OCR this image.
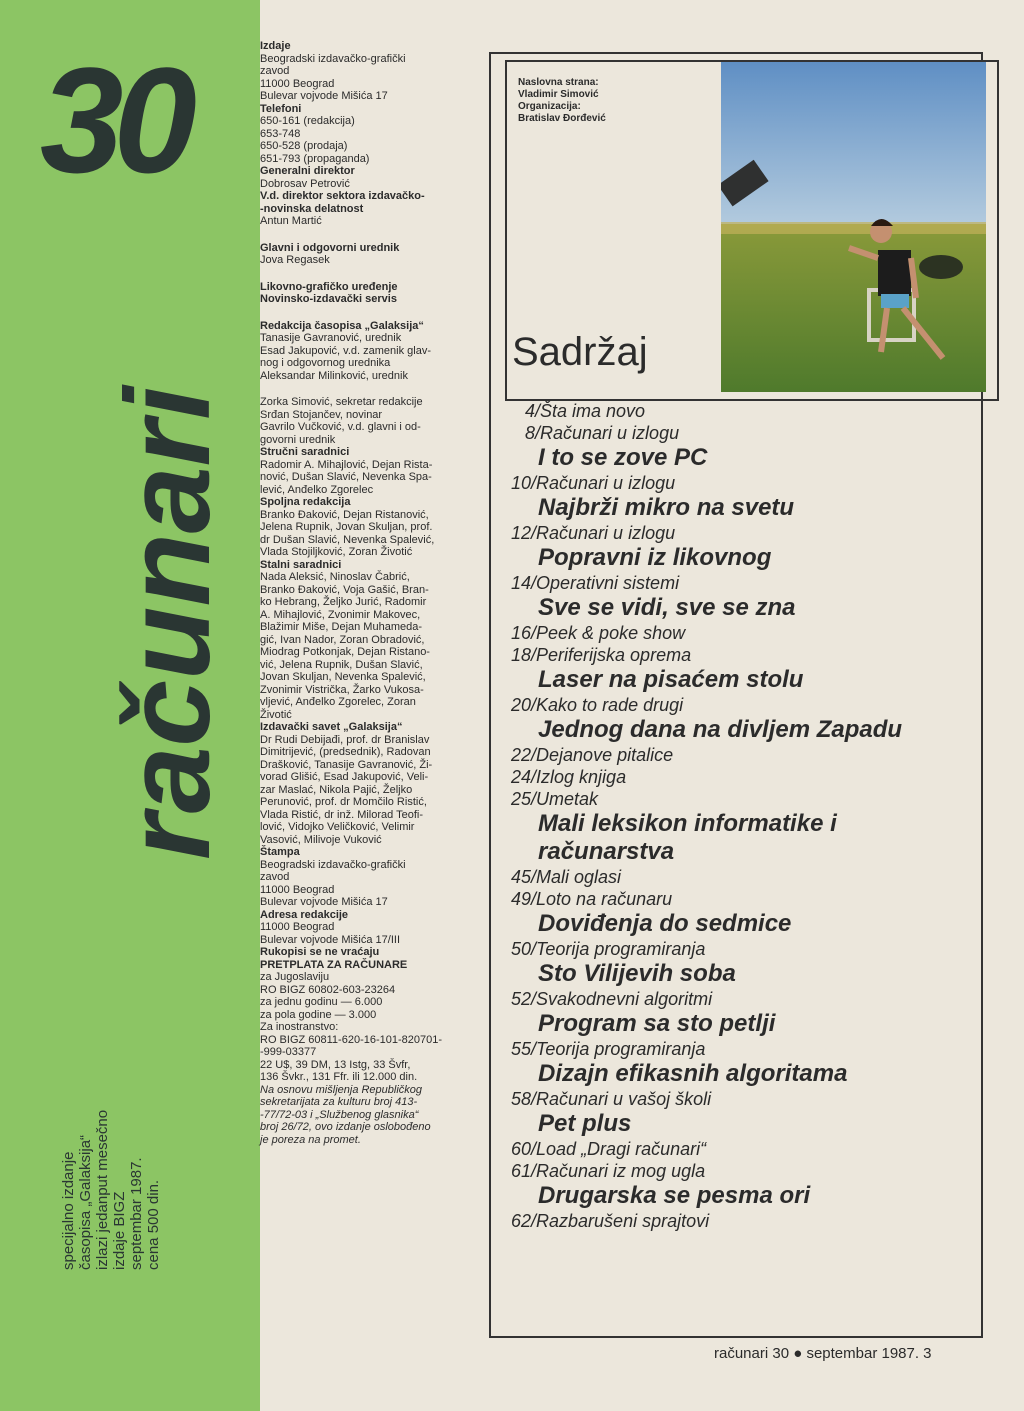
30
računari
specijalno izdanje časopisa „Galaksija“ izlazi jedanput mesečno izdaje BIGZ septembar 1987. cena 500 din.
Izdaje
Beogradski izdavačko-grafički
zavod
11000 Beograd
Bulevar vojvode Mišića 17
Telefoni
650-161 (redakcija)
653-748
650-528 (prodaja)
651-793 (propaganda)
Generalni direktor
Dobrosav Petrović
V.d. direktor sektora izdavačko-
-novinska delatnost
Antun Martić
Glavni i odgovorni urednik
Jova Regasek
Likovno-grafičko uređenje
Novinsko-izdavački servis
Redakcija časopisa „Galaksija“
Tanasije Gavranović, urednik
Esad Jakupović, v.d. zamenik glav-
nog i odgovornog urednika
Aleksandar Milinković, urednik
Zorka Simović, sekretar redakcije
Srđan Stojančev, novinar
Gavrilo Vučković, v.d. glavni i od-
govorni urednik
Stručni saradnici
Radomir A. Mihajlović, Dejan Rista-
nović, Dušan Slavić, Nevenka Spa-
lević, Anđelko Zgorelec
Spoljna redakcija
Branko Đaković, Dejan Ristanović,
Jelena Rupnik, Jovan Skuljan, prof.
dr Dušan Slavić, Nevenka Spalević,
Vlada Stojiljković, Zoran Životić
Stalni saradnici
Nada Aleksić, Ninoslav Čabrić,
Branko Đaković, Voja Gašić, Bran-
ko Hebrang, Željko Jurić, Radomir
A. Mihajlović, Zvonimir Makovec,
Blažimir Miše, Dejan Muhameda-
gić, Ivan Nador, Zoran Obradović,
Miodrag Potkonjak, Dejan Ristano-
vić, Jelena Rupnik, Dušan Slavić,
Jovan Skuljan, Nevenka Spalević,
Zvonimir Vistrička, Žarko Vukosa-
vljević, Anđelko Zgorelec, Zoran
Životić
Izdavački savet „Galaksija“
Dr Rudi Debijađi, prof. dr Branislav
Dimitrijević, (predsednik), Radovan
Drašković, Tanasije Gavranović, Ži-
vorad Glišić, Esad Jakupović, Veli-
zar Maslać, Nikola Pajić, Željko
Perunović, prof. dr Momčilo Ristić,
Vlada Ristić, dr inž. Milorad Teofi-
lović, Vidojko Veličković, Velimir
Vasović, Milivoje Vuković
Štampa
Beogradski izdavačko-grafički
zavod
11000 Beograd
Bulevar vojvode Mišića 17
Adresa redakcije
11000 Beograd
Bulevar vojvode Mišića 17/III
Rukopisi se ne vraćaju
PRETPLATA ZA RAČUNARE
za Jugoslaviju
RO BIGZ 60802-603-23264
za jednu godinu — 6.000
za pola godine — 3.000
Za inostranstvo:
RO BIGZ 60811-620-16-101-820701-
-999-03377
22 U$, 39 DM, 13 Istg, 33 Švfr,
136 Švkr., 131 Ffr. ili 12.000 din.
Na osnovu mišljenja Republičkog
sekretarijata za kulturu broj 413-
-77/72-03 i „Službenog glasnika“
broj 26/72, ovo izdanje oslobođeno
je poreza na promet.
Naslovna strana:
Vladimir Simović
Organizacija:
Bratislav Đorđević
Sadržaj
4/Šta ima novo
8/Računari u izlogu
I to se zove PC
10/Računari u izlogu
Najbrži mikro na svetu
12/Računari u izlogu
Popravni iz likovnog
14/Operativni sistemi
Sve se vidi, sve se zna
16/Peek & poke show
18/Periferijska oprema
Laser na pisaćem stolu
20/Kako to rade drugi
Jednog dana na divljem Zapadu
22/Dejanove pitalice
24/Izlog knjiga
25/Umetak
Mali leksikon informatike i
računarstva
45/Mali oglasi
49/Loto na računaru
Doviđenja do sedmice
50/Teorija programiranja
Sto Vilijevih soba
52/Svakodnevni algoritmi
Program sa sto petlji
55/Teorija programiranja
Dizajn efikasnih algoritama
58/Računari u vašoj školi
Pet plus
60/Load „Dragi računari“
61/Računari iz mog ugla
Drugarska se pesma ori
62/Razbarušeni sprajtovi
računari 30 ● septembar 1987. 3
